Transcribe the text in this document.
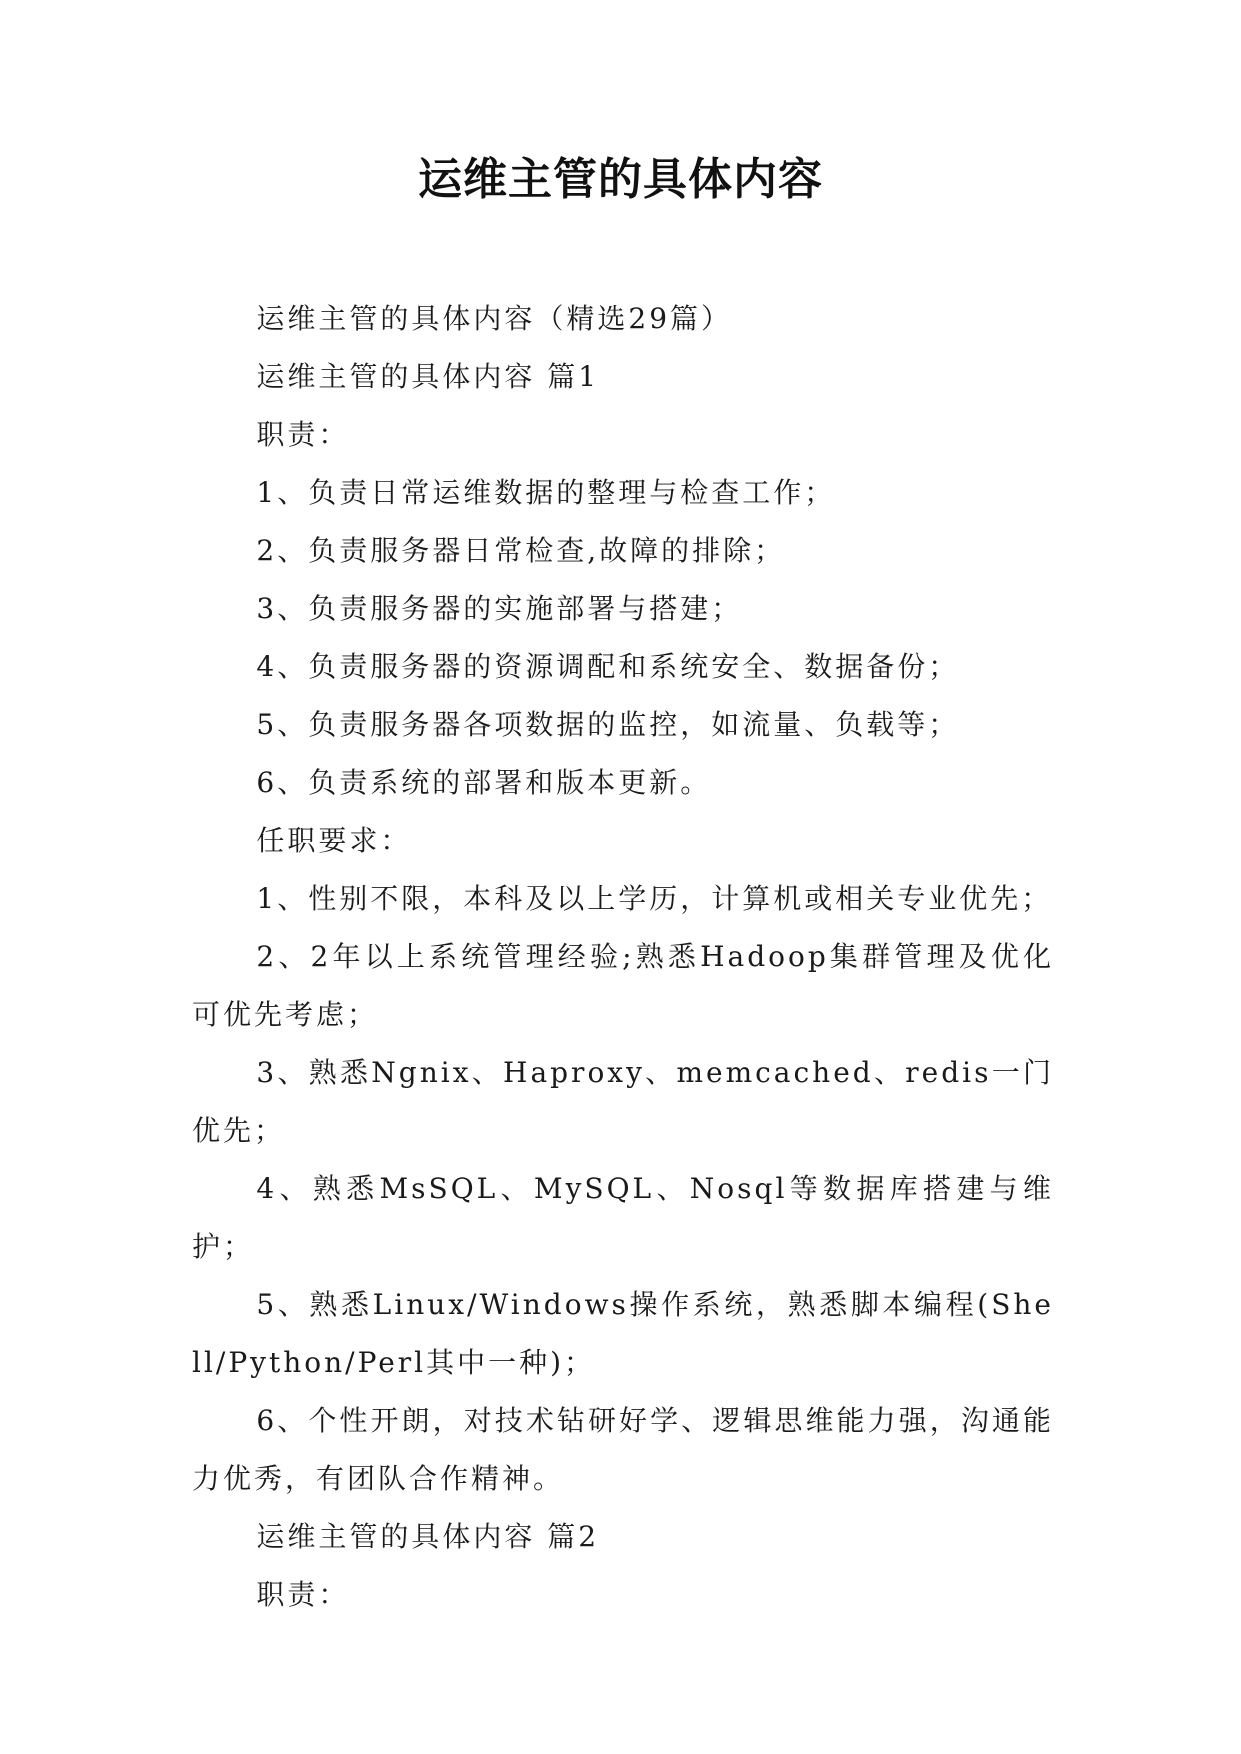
运维主管的具体内容

运维主管的具体内容（精选29篇）

运维主管的具体内容 篇1

职责：

1、负责日常运维数据的整理与检查工作；

2、负责服务器日常检查,故障的排除；

3、负责服务器的实施部署与搭建；

4、负责服务器的资源调配和系统安全、数据备份；

5、负责服务器各项数据的监控，如流量、负载等；

6、负责系统的部署和版本更新。

任职要求：

1、性别不限，本科及以上学历，计算机或相关专业优先；

2、2年以上系统管理经验;熟悉Hadoop集群管理及优化可优先考虑；

3、熟悉Ngnix、Haproxy、memcached、redis一门优先；

4、熟悉MsSQL、MySQL、Nosql等数据库搭建与维护；

5、熟悉Linux/Windows操作系统，熟悉脚本编程(Shell/Python/Perl其中一种)；

6、个性开朗，对技术钻研好学、逻辑思维能力强，沟通能力优秀，有团队合作精神。

运维主管的具体内容 篇2

职责：
